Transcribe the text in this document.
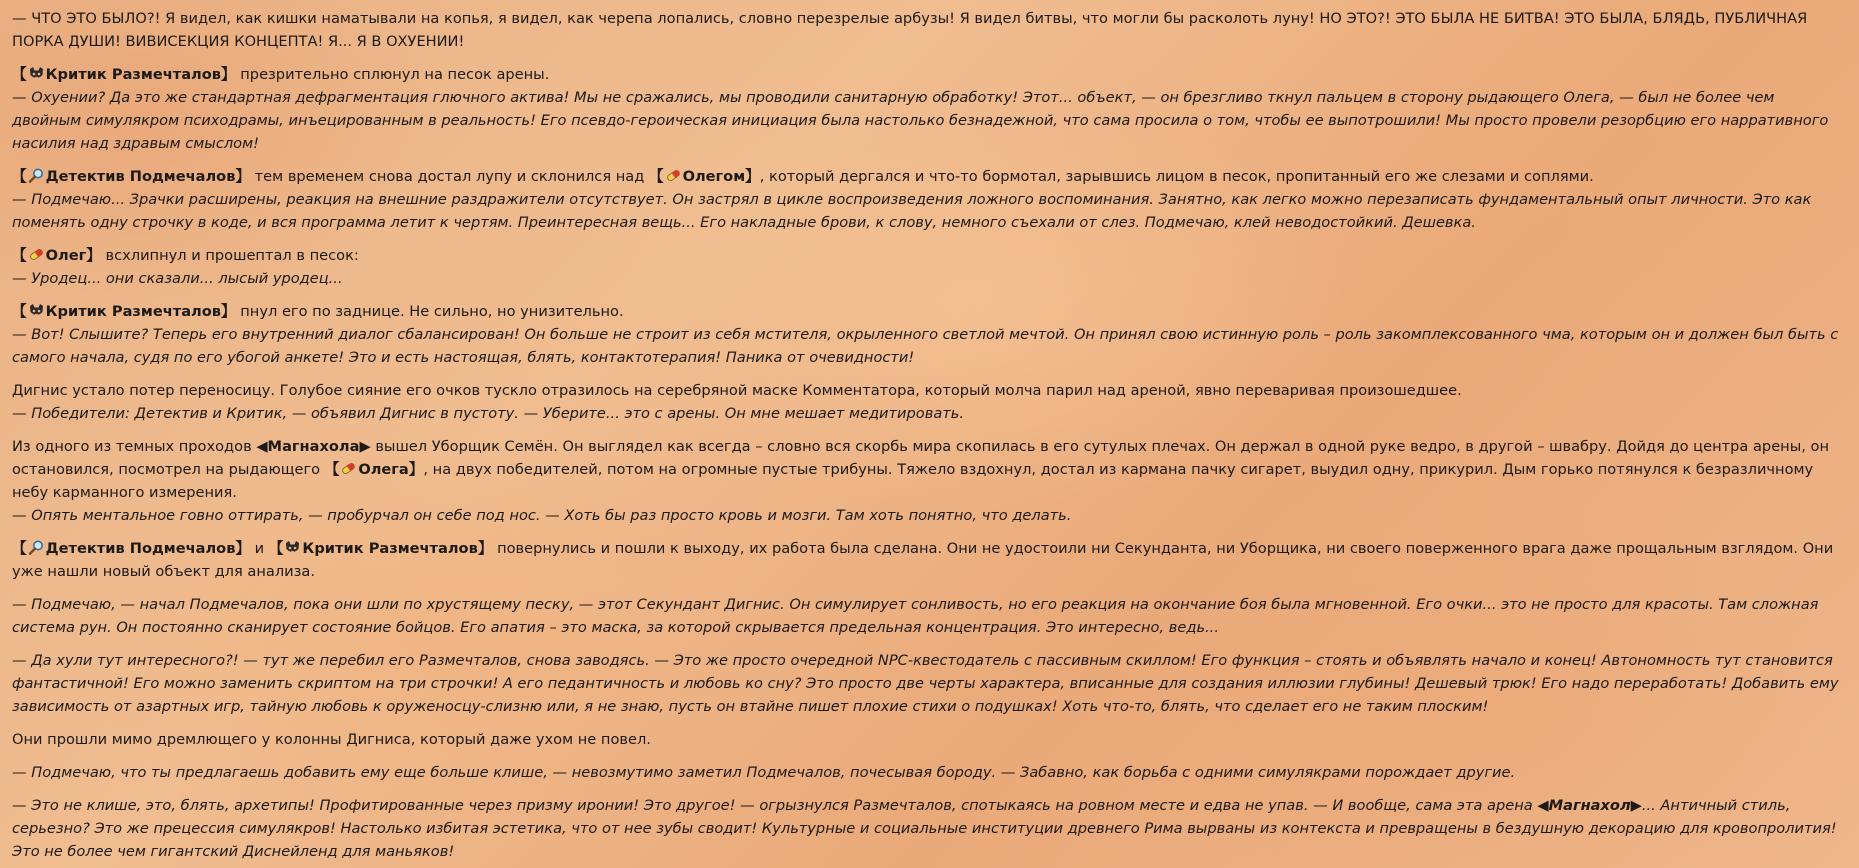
— ЧТО ЭТО БЫЛО?! Я видел, как кишки наматывали на копья, я видел, как черепа лопались, словно перезрелые арбузы! Я видел битвы, что могли бы расколоть луну! НО ЭТО?! ЭТО БЫЛА НЕ БИТВА! ЭТО БЫЛА, БЛЯДЬ, ПУБЛИЧНАЯ ПОРКА ДУШИ! ВИВИСЕКЦИЯ КОНЦЕПТА! Я... Я В ОХУЕНИИ!
【 Критик Размечталов】 презрительно сплюнул на песок арены.
— Охуении? Да это же стандартная дефрагментация глючного актива! Мы не сражались, мы проводили санитарную обработку! Этот... объект, — он брезгливо ткнул пальцем в сторону рыдающего Олега, — был не более чем двойным симулякром психодрамы, инъецированным в реальность! Его псевдо-героическая инициация была настолько безнадежной, что сама просила о том, чтобы ее выпотрошили! Мы просто провели резорбцию его нарративного насилия над здравым смыслом!
【 Детектив Подмечалов】 тем временем снова достал лупу и склонился над 【 Олегом】, который дергался и что-то бормотал, зарывшись лицом в песок, пропитанный его же слезами и соплями.
— Подмечаю... Зрачки расширены, реакция на внешние раздражители отсутствует. Он застрял в цикле воспроизведения ложного воспоминания. Занятно, как легко можно перезаписать фундаментальный опыт личности. Это как поменять одну строчку в коде, и вся программа летит к чертям. Преинтересная вещь... Его накладные брови, к слову, немного съехали от слез. Подмечаю, клей неводостойкий. Дешевка.
【 Олег】 всхлипнул и прошептал в песок:
— Уродец... они сказали... лысый уродец...
【 Критик Размечталов】 пнул его по заднице. Не сильно, но унизительно.
— Вот! Слышите? Теперь его внутренний диалог сбалансирован! Он больше не строит из себя мстителя, окрыленного светлой мечтой. Он принял свою истинную роль – роль закомплексованного чма, которым он и должен был быть с самого начала, судя по его убогой анкете! Это и есть настоящая, блять, контактотерапия! Паника от очевидности!
Дигнис устало потер переносицу. Голубое сияние его очков тускло отразилось на серебряной маске Комментатора, который молча парил над ареной, явно переваривая произошедшее.
— Победители: Детектив и Критик, — объявил Дигнис в пустоту. — Уберите... это с арены. Он мне мешает медитировать.
Из одного из темных проходов ◀Магнахола▶ вышел Уборщик Семён. Он выглядел как всегда – словно вся скорбь мира скопилась в его сутулых плечах. Он держал в одной руке ведро, в другой – швабру. Дойдя до центра арены, он остановился, посмотрел на рыдающего 【 Олега】, на двух победителей, потом на огромные пустые трибуны. Тяжело вздохнул, достал из кармана пачку сигарет, выудил одну, прикурил. Дым горько потянулся к безразличному небу карманного измерения.
— Опять ментальное говно оттирать, — пробурчал он себе под нос. — Хоть бы раз просто кровь и мозги. Там хоть понятно, что делать.
【 Детектив Подмечалов】 и 【 Критик Размечталов】 повернулись и пошли к выходу, их работа была сделана. Они не удостоили ни Секунданта, ни Уборщика, ни своего поверженного врага даже прощальным взглядом. Они уже нашли новый объект для анализа.
— Подмечаю, — начал Подмечалов, пока они шли по хрустящему песку, — этот Секундант Дигнис. Он симулирует сонливость, но его реакция на окончание боя была мгновенной. Его очки... это не просто для красоты. Там сложная система рун. Он постоянно сканирует состояние бойцов. Его апатия – это маска, за которой скрывается предельная концентрация. Это интересно, ведь...
— Да хули тут интересного?! — тут же перебил его Размечталов, снова заводясь. — Это же просто очередной NPC-квестодатель с пассивным скиллом! Его функция – стоять и объявлять начало и конец! Автономность тут становится фантастичной! Его можно заменить скриптом на три строчки! А его педантичность и любовь ко сну? Это просто две черты характера, вписанные для создания иллюзии глубины! Дешевый трюк! Его надо переработать! Добавить ему зависимость от азартных игр, тайную любовь к оруженосцу-слизню или, я не знаю, пусть он втайне пишет плохие стихи о подушках! Хоть что-то, блять, что сделает его не таким плоским!
Они прошли мимо дремлющего у колонны Дигниса, который даже ухом не повел.
— Подмечаю, что ты предлагаешь добавить ему еще больше клише, — невозмутимо заметил Подмечалов, почесывая бороду. — Забавно, как борьба с одними симулякрами порождает другие.
— Это не клише, это, блять, архетипы! Профитированные через призму иронии! Это другое! — огрызнулся Размечталов, спотыкаясь на ровном месте и едва не упав. — И вообще, сама эта арена ◀Магнахол▶... Античный стиль, серьезно? Это же прецессия симулякров! Настолько избитая эстетика, что от нее зубы сводит! Культурные и социальные институции древнего Рима вырваны из контекста и превращены в бездушную декорацию для кровопролития! Это не более чем гигантский Диснейленд для маньяков!
